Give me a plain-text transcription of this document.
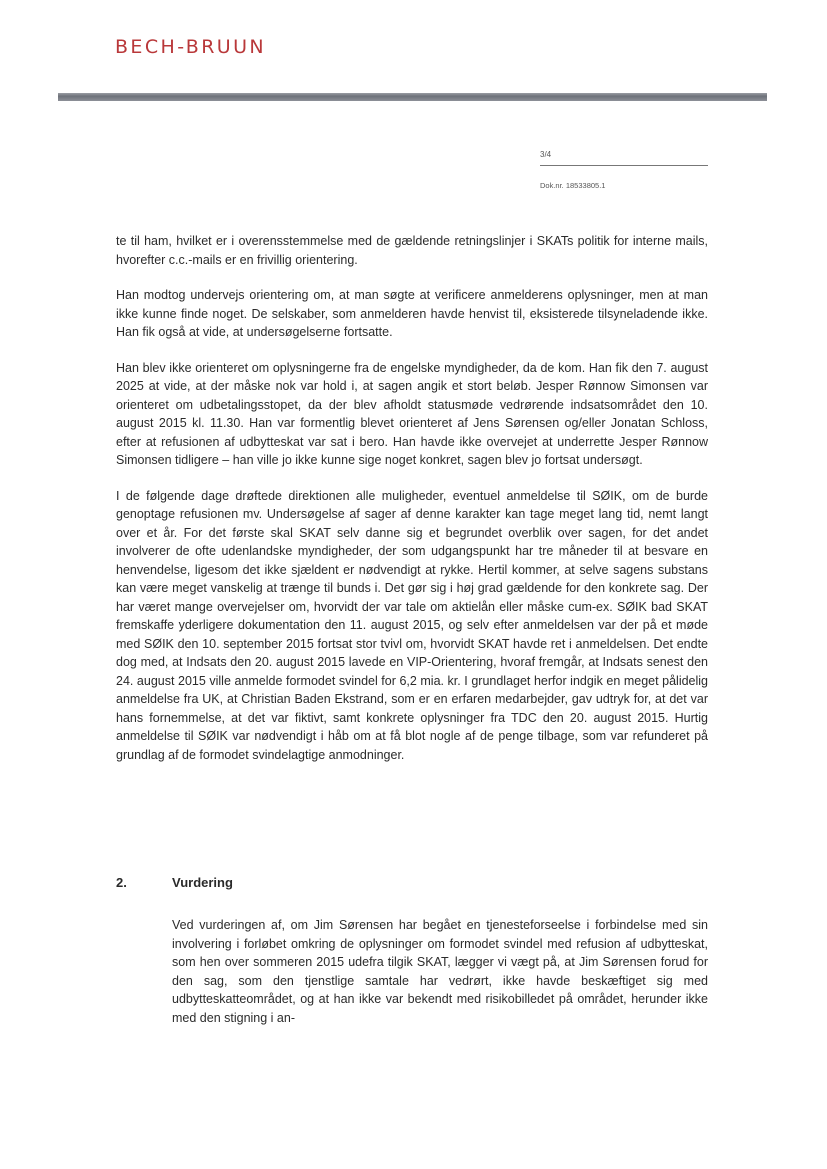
BECH-BRUUN
3/4
Dok.nr. 18533805.1

te til ham, hvilket er i overensstemmelse med de gældende retningslinjer i SKATs politik for interne mails, hvorefter c.c.-mails er en frivillig orientering.

Han modtog undervejs orientering om, at man søgte at verificere anmelderens oplysninger, men at man ikke kunne finde noget. De selskaber, som anmelderen havde henvist til, eksisterede tilsyneladende ikke. Han fik også at vide, at undersøgelserne fortsatte.

Han blev ikke orienteret om oplysningerne fra de engelske myndigheder, da de kom. Han fik den 7. august 2025 at vide, at der måske nok var hold i, at sagen angik et stort beløb. Jesper Rønnow Simonsen var orienteret om udbetalingsstopet, da der blev afholdt statusmøde vedrørende indsatsområdet den 10. august 2015 kl. 11.30. Han var formentlig blevet orienteret af Jens Sørensen og/eller Jonatan Schloss, efter at refusionen af udbytteskat var sat i bero. Han havde ikke overvejet at underrette Jesper Rønnow Simonsen tidligere – han ville jo ikke kunne sige noget konkret, sagen blev jo fortsat undersøgt.

I de følgende dage drøftede direktionen alle muligheder, eventuel anmeldelse til SØIK, om de burde genoptage refusionen mv. Undersøgelse af sager af denne karakter kan tage meget lang tid, nemt langt over et år. For det første skal SKAT selv danne sig et begrundet overblik over sagen, for det andet involverer de ofte udenlandske myndigheder, der som udgangspunkt har tre måneder til at besvare en henvendelse, ligesom det ikke sjældent er nødvendigt at rykke. Hertil kommer, at selve sagens substans kan være meget vanskelig at trænge til bunds i. Det gør sig i høj grad gældende for den konkrete sag. Der har været mange overvejelser om, hvorvidt der var tale om aktielån eller måske cum-ex. SØIK bad SKAT fremskaffe yderligere dokumentation den 11. august 2015, og selv efter anmeldelsen var der på et møde med SØIK den 10. september 2015 fortsat stor tvivl om, hvorvidt SKAT havde ret i anmeldelsen. Det endte dog med, at Indsats den 20. august 2015 lavede en VIP-Orientering, hvoraf fremgår, at Indsats senest den 24. august 2015 ville anmelde formodet svindel for 6,2 mia. kr. I grundlaget herfor indgik en meget pålidelig anmeldelse fra UK, at Christian Baden Ekstrand, som er en erfaren medarbejder, gav udtryk for, at det var hans fornemmelse, at det var fiktivt, samt konkrete oplysninger fra TDC den 20. august 2015. Hurtig anmeldelse til SØIK var nødvendigt i håb om at få blot nogle af de penge tilbage, som var refunderet på grundlag af de formodet svindelagtige anmodninger.

2.	Vurdering
Ved vurderingen af, om Jim Sørensen har begået en tjenesteforseelse i forbindelse med sin involvering i forløbet omkring de oplysninger om formodet svindel med refusion af udbytteskat, som hen over sommeren 2015 udefra tilgik SKAT, lægger vi vægt på, at Jim Sørensen forud for den sag, som den tjenstlige samtale har vedrørt, ikke havde beskæftiget sig med udbytteskatteområdet, og at han ikke var bekendt med risikobilledet på området, herunder ikke med den stigning i an-
